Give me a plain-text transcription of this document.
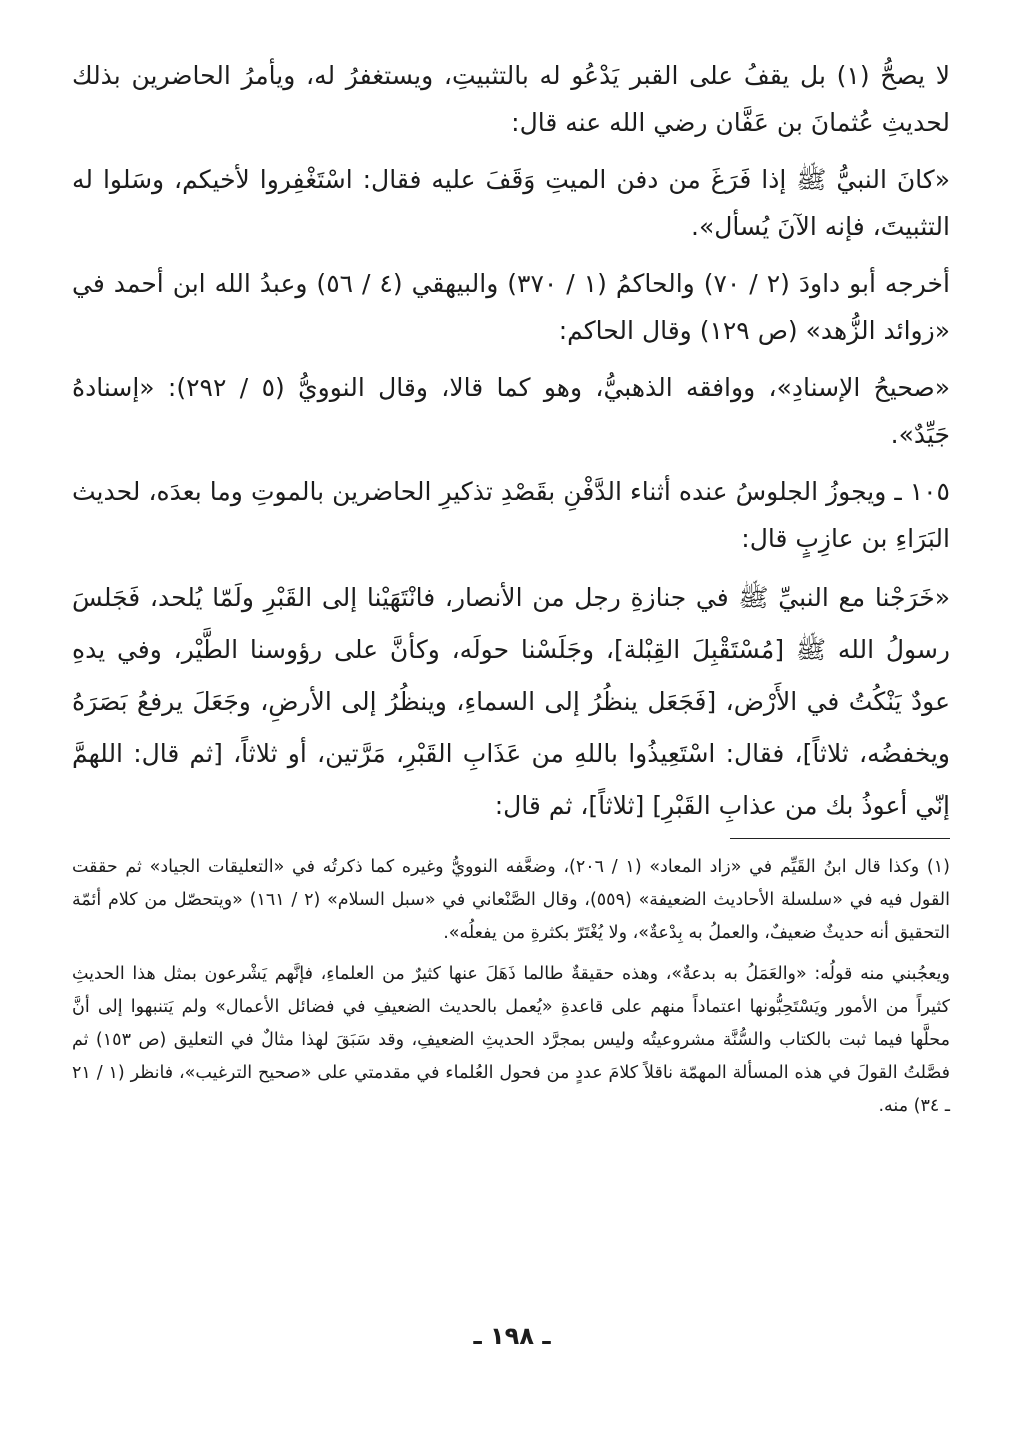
لا يصحُّ (١) بل يقفُ على القبر يَدْعُو له بالتثبيتِ، ويستغفرُ له، ويأمرُ الحاضرين بذلك لحديثِ عُثمانَ بن عَفَّان رضي الله عنه قال:

«كانَ النبيُّ ﷺ إذا فَرَغَ من دفن الميتِ وَقَفَ عليه فقال: اسْتَغْفِروا لأخيكم، وسَلوا له التثبيتَ، فإنه الآنَ يُسأل».

أخرجه أبو داودَ (٢ / ٧٠) والحاكمُ (١ / ٣٧٠) والبيهقي (٤ / ٥٦) وعبدُ الله ابن أحمد في «زوائد الزُّهد» (ص ١٢٩) وقال الحاكم:

«صحيحُ الإسنادِ»، ووافقه الذهبيُّ، وهو كما قالا، وقال النوويُّ (٥ / ٢٩٢): «إسنادهُ جَيِّدٌ».

١٠٥ ـ ويجوزُ الجلوسُ عنده أثناء الدَّفْنِ بقَصْدِ تذكيرِ الحاضرين بالموتِ وما بعدَه، لحديث البَرَاءِ بن عازِبٍ قال:

«خَرَجْنا مع النبيِّ ﷺ في جنازةِ رجل من الأنصار، فانْتَهَيْنا إلى القَبْرِ ولَمّا يُلحد، فَجَلسَ رسولُ الله ﷺ [مُسْتَقْبِلَ القِبْلة]، وجَلَسْنا حولَه، وكأنَّ على رؤوسنا الطَّيْر، وفي يدهِ عودٌ يَنْكُتُ في الأَرْض، [فَجَعَل ينظُرُ إلى السماءِ، وينظُرُ إلى الأرضِ، وجَعَلَ يرفعُ بَصَرَهُ ويخفضُه، ثلاثاً]، فقال: اسْتَعِيذُوا باللهِ من عَذَابِ القَبْرِ، مَرَّتين، أو ثلاثاً، [ثم قال: اللهمَّ إنّي أعوذُ بك من عذابِ القَبْرِ] [ثلاثاً]، ثم قال:

(١) وكذا قال ابنُ القَيِّم في «زاد المعاد» (١ / ٢٠٦)، وضعَّفه النوويُّ وغيره كما ذكرتُه في «التعليقات الجياد» ثم حققت القول فيه في «سلسلة الأحاديث الضعيفة» (٥٥٩)، وقال الصَّنْعاني في «سبل السلام» (٢ / ١٦١) «ويتحصّل من كلام أئمّة التحقيق أنه حديثٌ ضعيفٌ، والعملُ به بِدْعةٌ»، ولا يُغْتَرّ بكثرةِ من يفعلُه».

ويعجُبني منه قولُه: «والعَمَلُ به بدعةٌ»، وهذه حقيقةٌ طالما ذَهَلَ عنها كثيرٌ من العلماءِ، فإنَّهم يَشْرعون بمثل هذا الحديثِ كثيراً من الأمور ويَسْتَحِبُّونها اعتماداً منهم على قاعدةِ «يُعمل بالحديث الضعيفِ في فضائل الأعمال» ولم يَتنبهوا إلى أنَّ محلَّها فيما ثبت بالكتاب والسُّنَّة مشروعيتُه وليس بمجرَّد الحديثِ الضعيفِ، وقد سَبَقَ لهذا مثالٌ في التعليق (ص ١٥٣) ثم فصَّلتُ القولَ في هذه المسألة المهمّة ناقلاً كلامَ عددٍ من فحول العُلماء في مقدمتي على «صحيح الترغيب»، فانظر (١ / ٢١ ـ ٣٤) منه.

ـ ١٩٨ ـ
